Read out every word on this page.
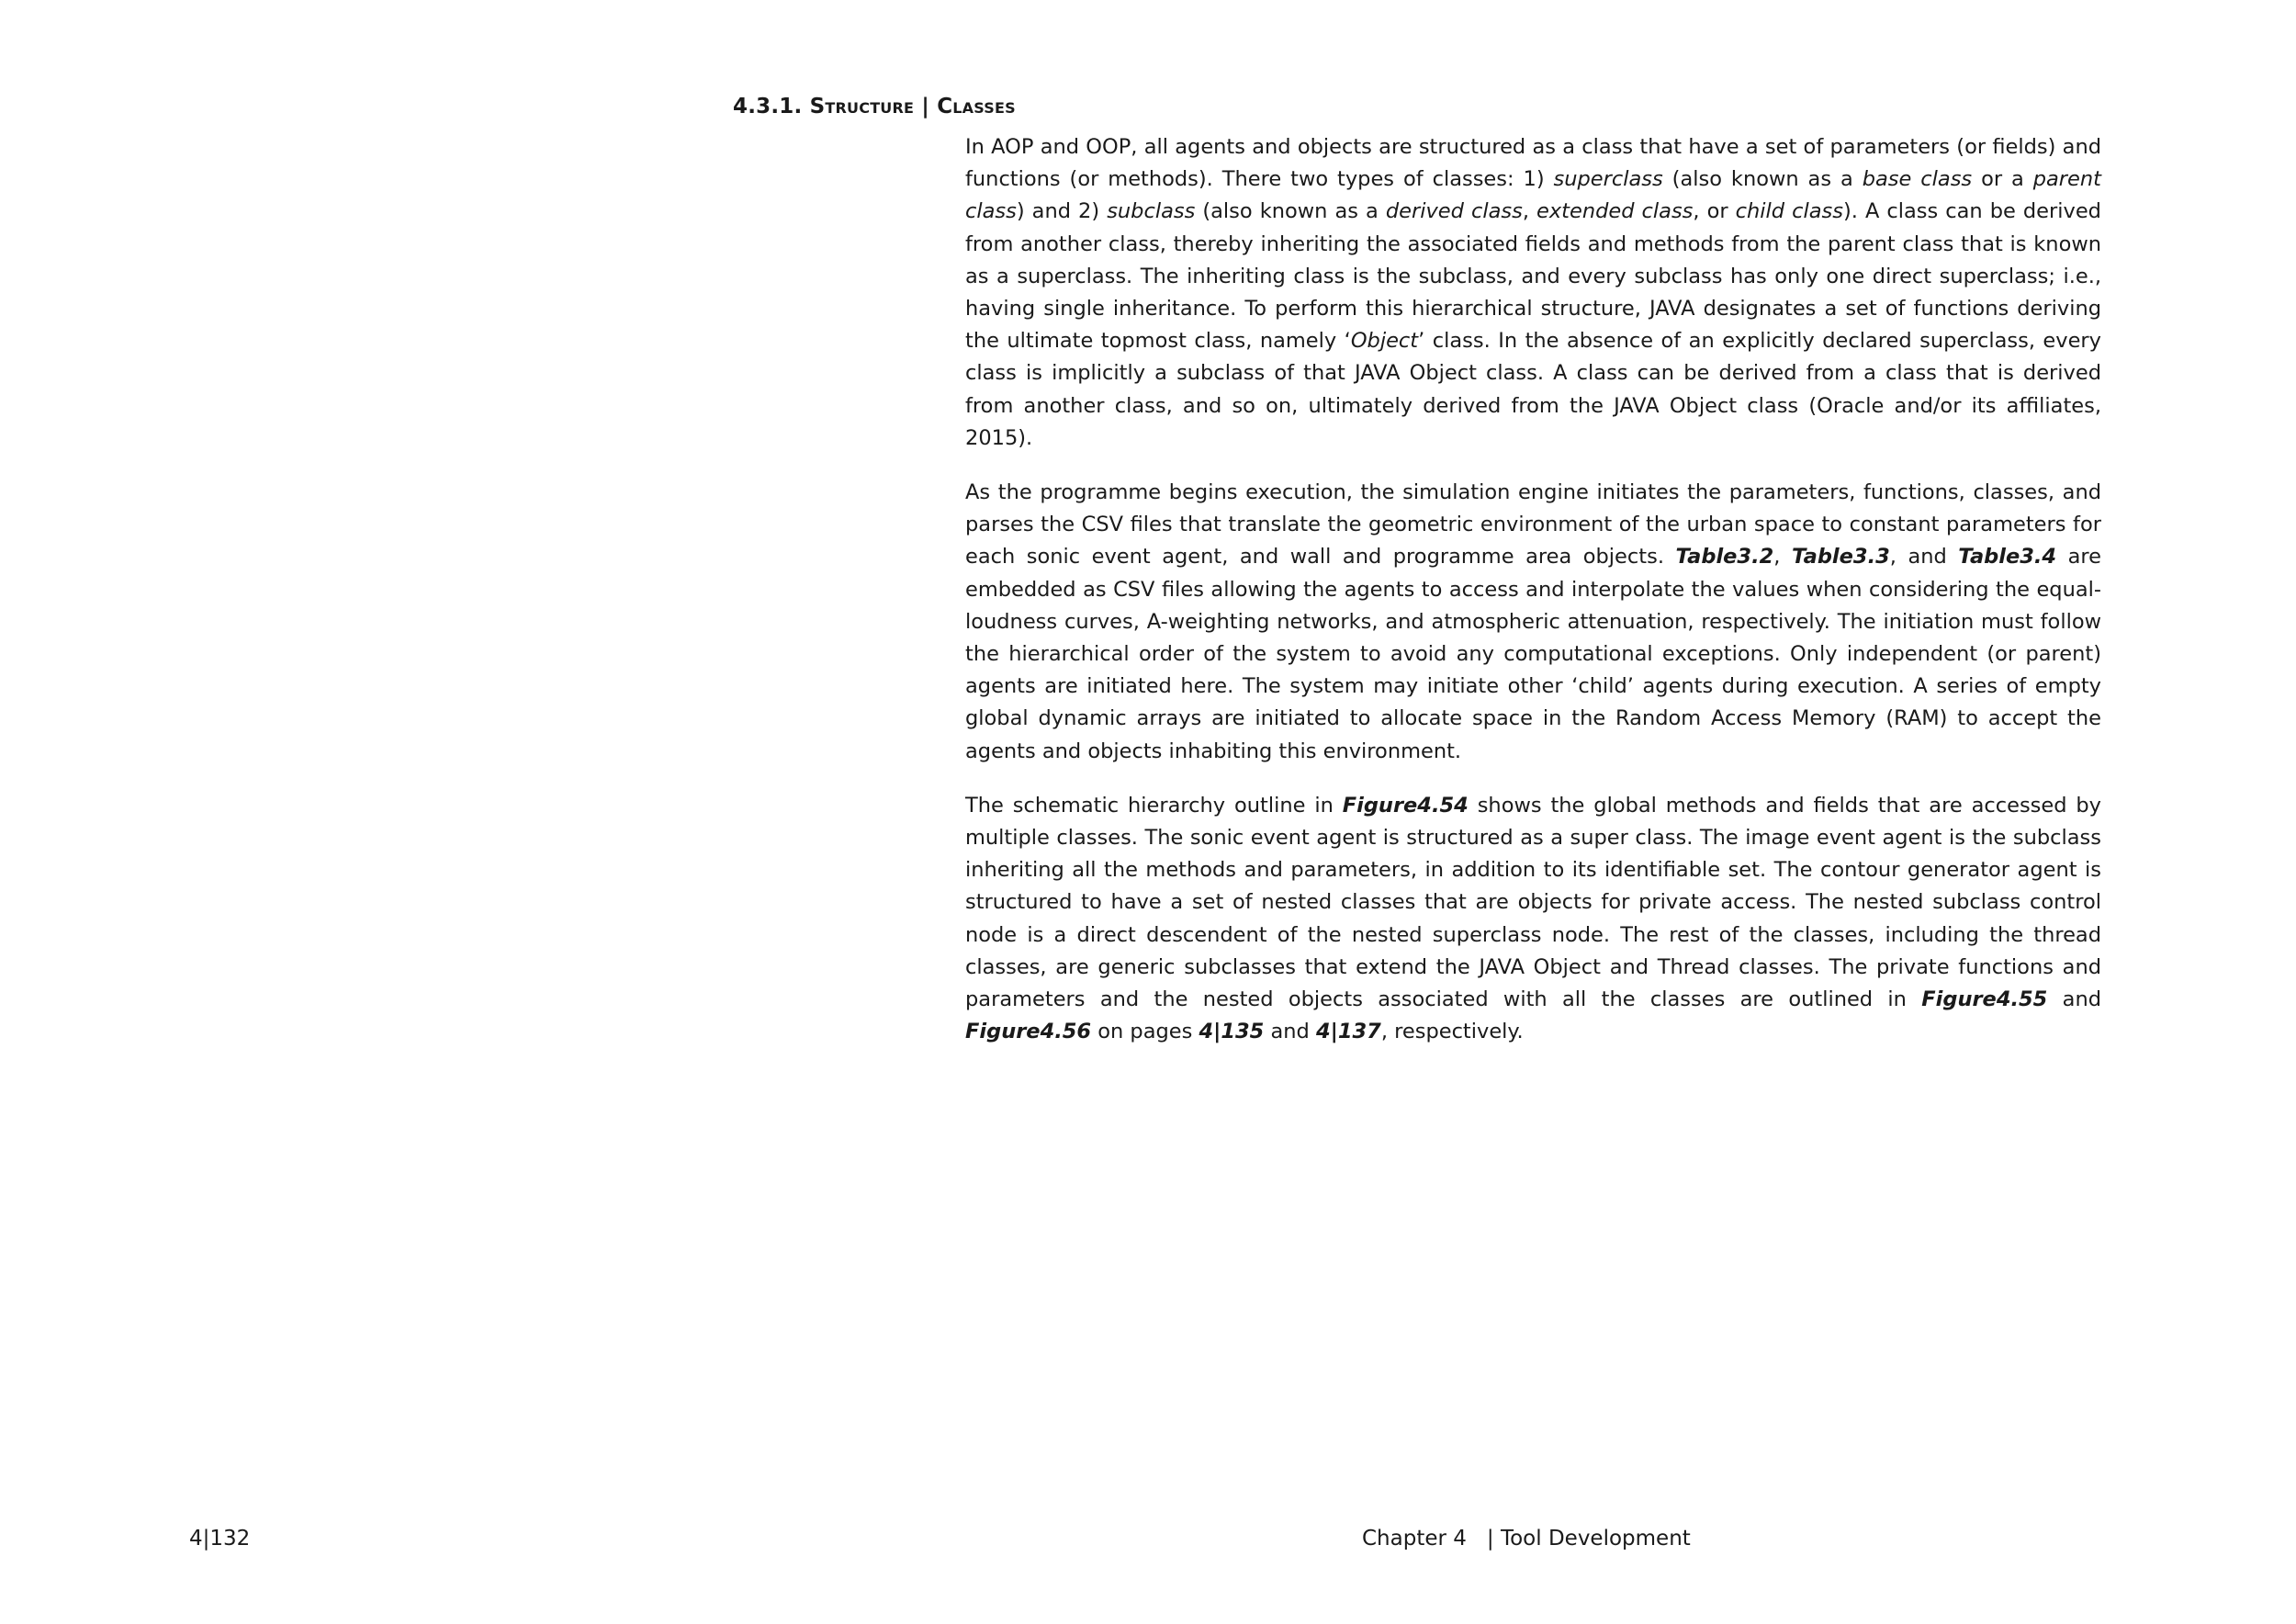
4.3.1. Structure | Classes

In AOP and OOP, all agents and objects are structured as a class that have a set of parameters (or fields) and functions (or methods). There two types of classes: 1) superclass (also known as a base class or a parent class) and 2) subclass (also known as a derived class, extended class, or child class). A class can be derived from another class, thereby inheriting the associated fields and methods from the parent class that is known as a superclass. The inheriting class is the subclass, and every subclass has only one direct superclass; i.e., having single inheritance. To perform this hierarchical structure, JAVA designates a set of functions deriving the ultimate topmost class, namely ‘Object’ class. In the absence of an explicitly declared superclass, every class is implicitly a subclass of that JAVA Object class. A class can be derived from a class that is derived from another class, and so on, ultimately derived from the JAVA Object class (Oracle and/or its affiliates, 2015).

As the programme begins execution, the simulation engine initiates the parameters, functions, classes, and parses the CSV files that translate the geometric environment of the urban space to constant parameters for each sonic event agent, and wall and programme area objects. Table3.2, Table3.3, and Table3.4 are embedded as CSV files allowing the agents to access and interpolate the values when considering the equal-loudness curves, A-weighting networks, and atmospheric attenuation, respectively. The initiation must follow the hierarchical order of the system to avoid any computational exceptions. Only independent (or parent) agents are initiated here. The system may initiate other ‘child’ agents during execution. A series of empty global dynamic arrays are initiated to allocate space in the Random Access Memory (RAM) to accept the agents and objects inhabiting this environment.

The schematic hierarchy outline in Figure4.54 shows the global methods and fields that are accessed by multiple classes. The sonic event agent is structured as a super class. The image event agent is the subclass inheriting all the methods and parameters, in addition to its identifiable set. The contour generator agent is structured to have a set of nested classes that are objects for private access. The nested subclass control node is a direct descendent of the nested superclass node. The rest of the classes, including the thread classes, are generic subclasses that extend the JAVA Object and Thread classes. The private functions and parameters and the nested objects associated with all the classes are outlined in Figure4.55 and Figure4.56 on pages 4|135 and 4|137, respectively.

4|132	Chapter 4 | Tool Development
